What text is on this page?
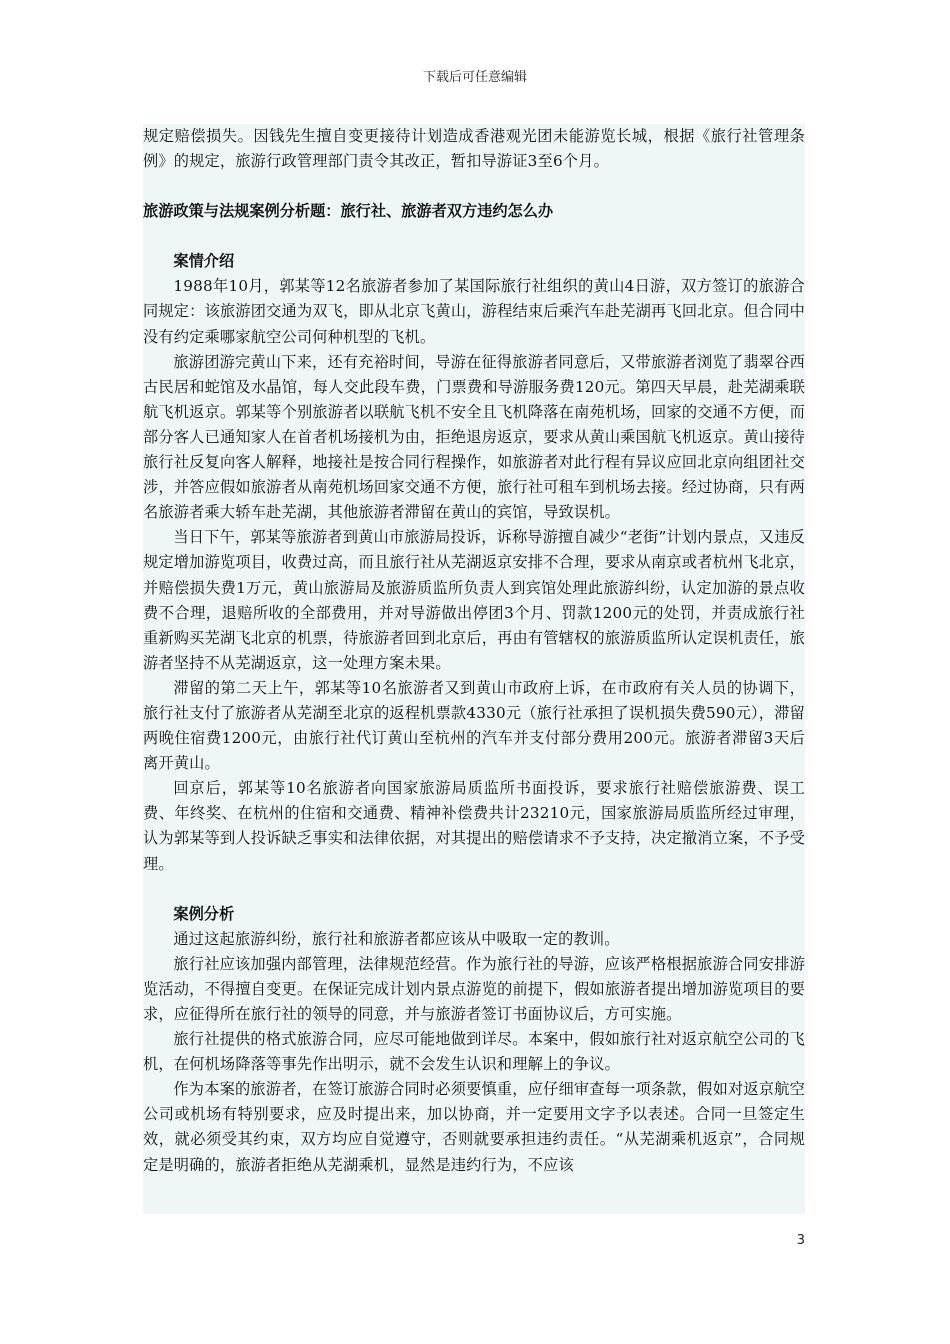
下载后可任意编辑

规定赔偿损失。因钱先生擅自变更接待计划造成香港观光团未能游览长城，根据《旅行社管理条例》的规定，旅游行政管理部门责令其改正，暂扣导游证3至6个月。

旅游政策与法规案例分析题：旅行社、旅游者双方违约怎么办

案情介绍

1988年10月，郭某等12名旅游者参加了某国际旅行社组织的黄山4日游，双方签订的旅游合同规定：该旅游团交通为双飞，即从北京飞黄山，游程结束后乘汽车赴芜湖再飞回北京。但合同中没有约定乘哪家航空公司何种机型的飞机。

旅游团游完黄山下来，还有充裕时间，导游在征得旅游者同意后，又带旅游者浏览了翡翠谷西古民居和蛇馆及水晶馆，每人交此段车费，门票费和导游服务费120元。第四天早晨，赴芜湖乘联航飞机返京。郭某等个别旅游者以联航飞机不安全且飞机降落在南苑机场，回家的交通不方便，而部分客人已通知家人在首者机场接机为由，拒绝退房返京，要求从黄山乘国航飞机返京。黄山接待旅行社反复向客人解释，地接社是按合同行程操作，如旅游者对此行程有异议应回北京向组团社交涉，并答应假如旅游者从南苑机场回家交通不方便，旅行社可租车到机场去接。经过协商，只有两名旅游者乘大轿车赴芜湖，其他旅游者滞留在黄山的宾馆，导致误机。

当日下午，郭某等旅游者到黄山市旅游局投诉，诉称导游擅自减少“老街”计划内景点，又违反规定增加游览项目，收费过高，而且旅行社从芜湖返京安排不合理，要求从南京或者杭州飞北京，并赔偿损失费1万元，黄山旅游局及旅游质监所负责人到宾馆处理此旅游纠纷，认定加游的景点收费不合理，退赔所收的全部费用，并对导游做出停团3个月、罚款1200元的处罚，并责成旅行社重新购买芜湖飞北京的机票，待旅游者回到北京后，再由有管辖权的旅游质监所认定误机责任，旅游者坚持不从芜湖返京，这一处理方案未果。

滞留的第二天上午，郭某等10名旅游者又到黄山市政府上诉，在市政府有关人员的协调下，旅行社支付了旅游者从芜湖至北京的返程机票款4330元（旅行社承担了误机损失费590元），滞留两晚住宿费1200元，由旅行社代订黄山至杭州的汽车并支付部分费用200元。旅游者滞留3天后离开黄山。

回京后，郭某等10名旅游者向国家旅游局质监所书面投诉，要求旅行社赔偿旅游费、误工费、年终奖、在杭州的住宿和交通费、精神补偿费共计23210元，国家旅游局质监所经过审理，认为郭某等到人投诉缺乏事实和法律依据，对其提出的赔偿请求不予支持，决定撤消立案，不予受理。

案例分析

通过这起旅游纠纷，旅行社和旅游者都应该从中吸取一定的教训。

旅行社应该加强内部管理，法律规范经营。作为旅行社的导游，应该严格根据旅游合同安排游览活动，不得擅自变更。在保证完成计划内景点游览的前提下，假如旅游者提出增加游览项目的要求，应征得所在旅行社的领导的同意，并与旅游者签订书面协议后，方可实施。

旅行社提供的格式旅游合同，应尽可能地做到详尽。本案中，假如旅行社对返京航空公司的飞机，在何机场降落等事先作出明示，就不会发生认识和理解上的争议。

作为本案的旅游者，在签订旅游合同时必须要慎重，应仔细审查每一项条款，假如对返京航空公司或机场有特别要求，应及时提出来，加以协商，并一定要用文字予以表述。合同一旦签定生效，就必须受其约束，双方均应自觉遵守，否则就要承担违约责任。“从芜湖乘机返京”，合同规定是明确的，旅游者拒绝从芜湖乘机，显然是违约行为，不应该

3
